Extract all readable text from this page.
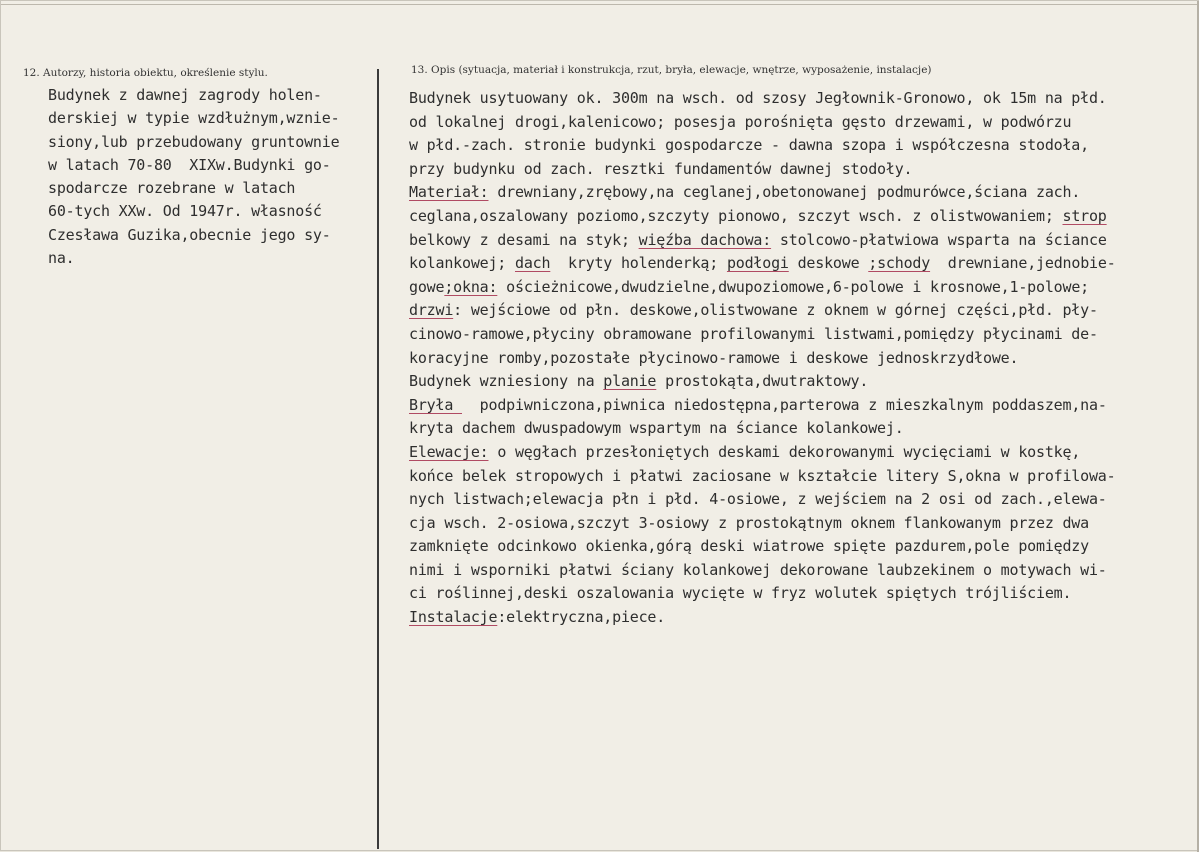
12. Autorzy, historia obiektu, określenie stylu.	13. Opis (sytuacja, materiał i konstrukcja, rzut, bryła, elewacje, wnętrze, wyposażenie, instalacje)
Budynek z dawnej zagrody holen-
derskiej w typie wzdłużnym,wznie-
siony,lub przebudowany gruntownie
w latach 70-80  XIXw.Budynki go-
spodarcze rozebrane w latach
60-tych XXw. Od 1947r. własność
Czesława Guzika,obecnie jego sy-
na.
Budynek usytuowany ok. 300m na wsch. od szosy Jegłownik-Gronowo, ok 15m na płd.
od lokalnej drogi,kalenicowo; posesja porośnięta gęsto drzewami, w podwórzu
w płd.-zach. stronie budynki gospodarcze - dawna szopa i współczesna stodoła,
przy budynku od zach. resztki fundamentów dawnej stodoły.
Materiał: drewniany,zrębowy,na ceglanej,obetonowanej podmurówce,ściana zach.
ceglana,oszalowany poziomo,szczyty pionowo, szczyt wsch. z olistwowaniem; strop
belkowy z desami na styk; więźba dachowa: stolcowo-płatwiowa wsparta na ściance
kolankowej; dach  kryty holenderką; podłogi deskowe ;schody  drewniane,jednobie-
gowe;okna: ościeżnicowe,dwudzielne,dwupoziomowe,6-polowe i krosnowe,1-polowe;
drzwi: wejściowe od płn. deskowe,olistwowane z oknem w górnej części,płd. pły-
cinowo-ramowe,płyciny obramowane profilowanymi listwami,pomiędzy płycinami de-
koracyjne romby,pozostałe płycinowo-ramowe i deskowe jednoskrzydłowe.
Budynek wzniesiony na planie prostokąta,dwutraktowy.
Bryła   podpiwniczona,piwnica niedostępna,parterowa z mieszkalnym poddaszem,na-
kryta dachem dwuspadowym wspartym na ściance kolankowej.
Elewacje: o węgłach przesłoniętych deskami dekorowanymi wycięciami w kostkę,
końce belek stropowych i płatwi zaciosane w kształcie litery S,okna w profilowa-
nych listwach;elewacja płn i płd. 4-osiowe, z wejściem na 2 osi od zach.,elewa-
cja wsch. 2-osiowa,szczyt 3-osiowy z prostokątnym oknem flankowanym przez dwa
zamknięte odcinkowo okienka,górą deski wiatrowe spięte pazdurem,pole pomiędzy
nimi i wsporniki płatwi ściany kolankowej dekorowane laubzekinem o motywach wi-
ci roślinnej,deski oszalowania wycięte w fryz wolutek spiętych trójliściem.
Instalacje:elektryczna,piece.
